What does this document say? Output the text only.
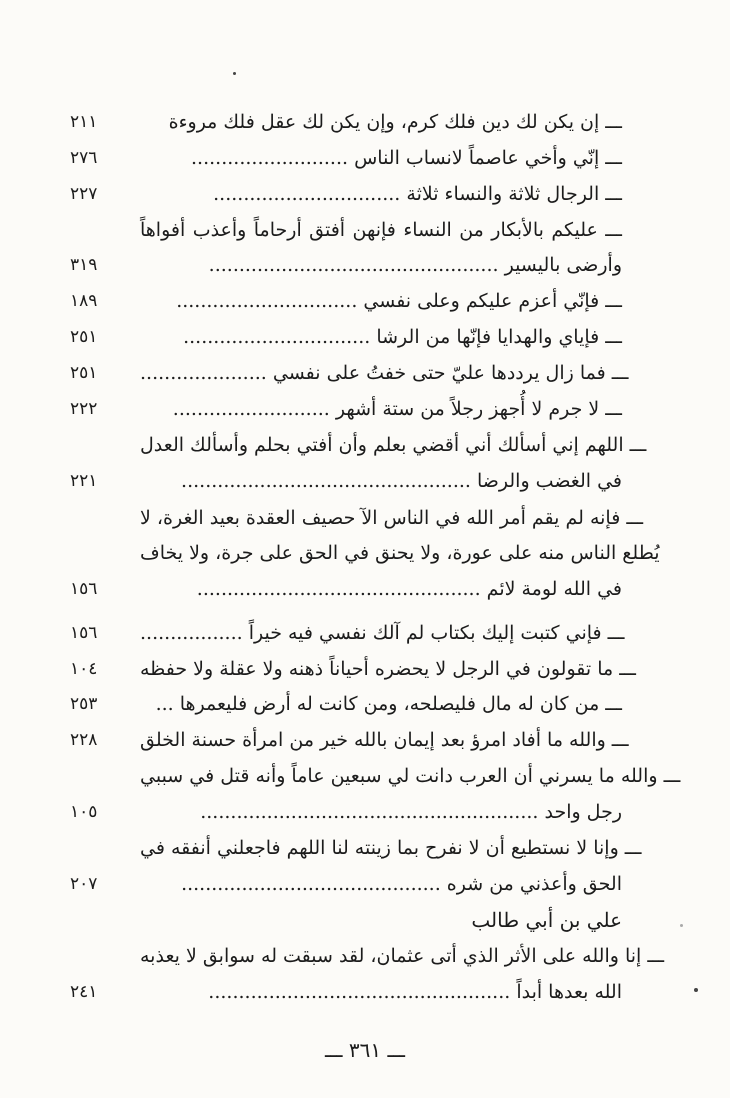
٢١١	ـــ إن يكن لك دين فلك كرم، وإن يكن لك عقل فلك مروءة
٢٧٦	ـــ إنّي وأخي عاصماً لانساب الناس ..........................
٢٢٧	ـــ الرجال ثلاثة والنساء ثلاثة ...............................
ـــ عليكم بالأبكار من النساء فإنهن أفتق أرحاماً وأعذب أفواهاً
٣١٩	وأرضى باليسير ................................................
١٨٩	ـــ فإنّي أعزم عليكم وعلى نفسي ..............................
٢٥١	ـــ فإياي والهدايا فإنّها من الرشا ...............................
٢٥١	ـــ فما زال يرددها عليّ حتى خفتُ على نفسي .....................
٢٢٢	ـــ لا جرم لا أُجهز رجلاً من ستة أشهر ..........................
ـــ اللهم إني أسألك أني أقضي بعلم وأن أفتي بحلم وأسألك العدل
٢٢١	في الغضب والرضا ................................................
ـــ فإنه لم يقم أمر الله في الناس الآ حصيف العقدة بعيد الغرة، لا
يُطلع الناس منه على عورة، ولا يحنق في الحق على جرة، ولا يخاف
١٥٦	في الله لومة لائم ...............................................
١٥٦	ـــ فإني كتبت إليك بكتاب لم آلك نفسي فيه خيراً .................
١٠٤	ـــ ما تقولون في الرجل لا يحضره أحياناً ذهنه ولا عقلة ولا حفظه
٢٥٣	ـــ من كان له مال فليصلحه، ومن كانت له أرض فليعمرها ...
٢٢٨	ـــ والله ما أفاد امرؤ بعد إيمان بالله خير من امرأة حسنة الخلق
ـــ والله ما يسرني أن العرب دانت لي سبعين عاماً وأنه قتل في سببي
١٠٥	رجل واحد ........................................................
ـــ وإنا لا نستطيع أن لا نفرح بما زينته لنا اللهم فاجعلني أنفقه في
٢٠٧	الحق وأعذني من شره ...........................................
علي بن أبي طالب
ـــ إنا والله على الأثر الذي أتى عثمان، لقد سبقت له سوابق لا يعذبه
٢٤١	الله بعدها أبداً ..................................................
ـــ ٣٦١ ـــ
